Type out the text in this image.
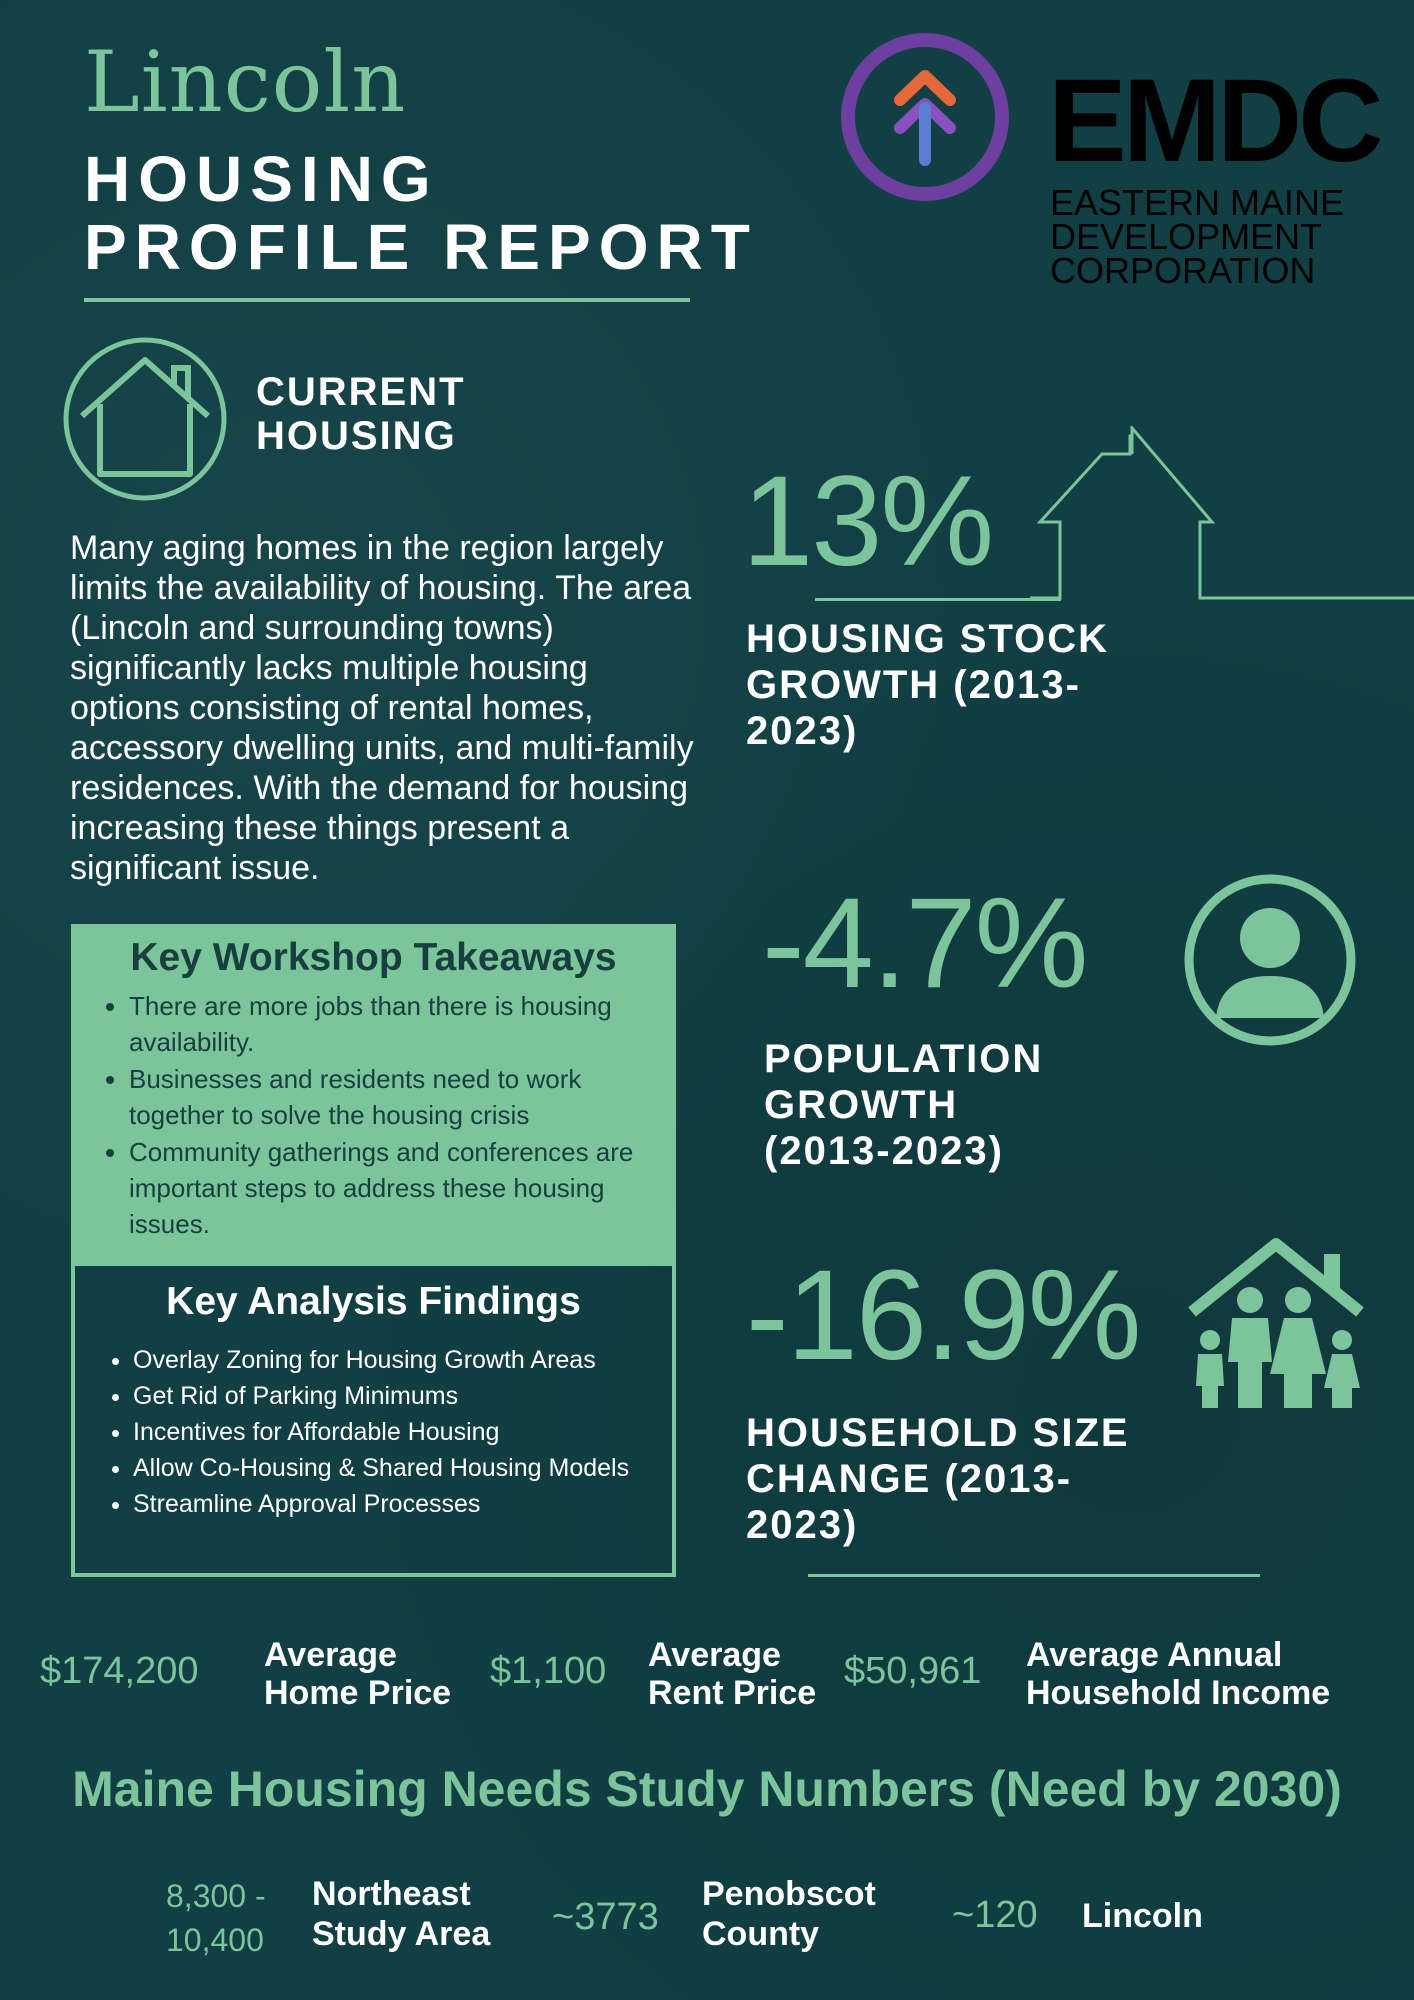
Lincoln
HOUSING PROFILE REPORT
EMDC
EASTERN MAINE DEVELOPMENT CORPORATION
CURRENT HOUSING
Many aging homes in the region largely limits the availability of housing. The area (Lincoln and surrounding towns) significantly lacks multiple housing options consisting of rental homes, accessory dwelling units, and multi-family residences. With the demand for housing increasing these things present a significant issue.
Key Workshop Takeaways
• There are more jobs than there is housing availability.
• Businesses and residents need to work together to solve the housing crisis
• Community gatherings and conferences are important steps to address these housing issues.
Key Analysis Findings
• Overlay Zoning for Housing Growth Areas
• Get Rid of Parking Minimums
• Incentives for Affordable Housing
• Allow Co-Housing & Shared Housing Models
• Streamline Approval Processes
13%
HOUSING STOCK GROWTH (2013-2023)
-4.7%
POPULATION GROWTH (2013-2023)
-16.9%
HOUSEHOLD SIZE CHANGE (2013-2023)
$174,200 Average Home Price
$1,100 Average Rent Price
$50,961 Average Annual Household Income
Maine Housing Needs Study Numbers (Need by 2030)
8,300 - 10,400
Northeast Study Area	~3773
Penobscot County	~120 Lincoln
